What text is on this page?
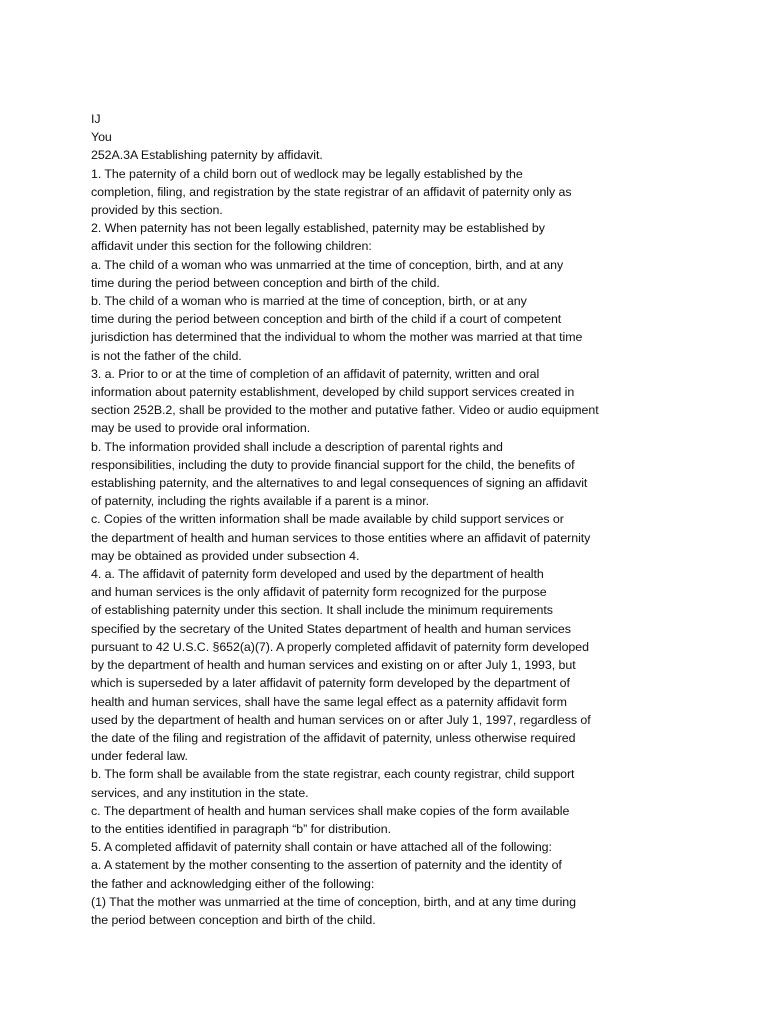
IJ
You
252A.3A Establishing paternity by affidavit.
1. The paternity of a child born out of wedlock may be legally established by the
completion, filing, and registration by the state registrar of an affidavit of paternity only as
provided by this section.
2. When paternity has not been legally established, paternity may be established by
affidavit under this section for the following children:
a. The child of a woman who was unmarried at the time of conception, birth, and at any
time during the period between conception and birth of the child.
b. The child of a woman who is married at the time of conception, birth, or at any
time during the period between conception and birth of the child if a court of competent
jurisdiction has determined that the individual to whom the mother was married at that time
is not the father of the child.
3. a. Prior to or at the time of completion of an affidavit of paternity, written and oral
information about paternity establishment, developed by child support services created in
section 252B.2, shall be provided to the mother and putative father. Video or audio equipment
may be used to provide oral information.
b. The information provided shall include a description of parental rights and
responsibilities, including the duty to provide financial support for the child, the benefits of
establishing paternity, and the alternatives to and legal consequences of signing an affidavit
of paternity, including the rights available if a parent is a minor.
c. Copies of the written information shall be made available by child support services or
the department of health and human services to those entities where an affidavit of paternity
may be obtained as provided under subsection 4.
4. a. The affidavit of paternity form developed and used by the department of health
and human services is the only affidavit of paternity form recognized for the purpose
of establishing paternity under this section. It shall include the minimum requirements
specified by the secretary of the United States department of health and human services
pursuant to 42 U.S.C. §652(a)(7). A properly completed affidavit of paternity form developed
by the department of health and human services and existing on or after July 1, 1993, but
which is superseded by a later affidavit of paternity form developed by the department of
health and human services, shall have the same legal effect as a paternity affidavit form
used by the department of health and human services on or after July 1, 1997, regardless of
the date of the filing and registration of the affidavit of paternity, unless otherwise required
under federal law.
b. The form shall be available from the state registrar, each county registrar, child support
services, and any institution in the state.
c. The department of health and human services shall make copies of the form available
to the entities identified in paragraph “b” for distribution.
5. A completed affidavit of paternity shall contain or have attached all of the following:
a. A statement by the mother consenting to the assertion of paternity and the identity of
the father and acknowledging either of the following:
(1) That the mother was unmarried at the time of conception, birth, and at any time during
the period between conception and birth of the child.
